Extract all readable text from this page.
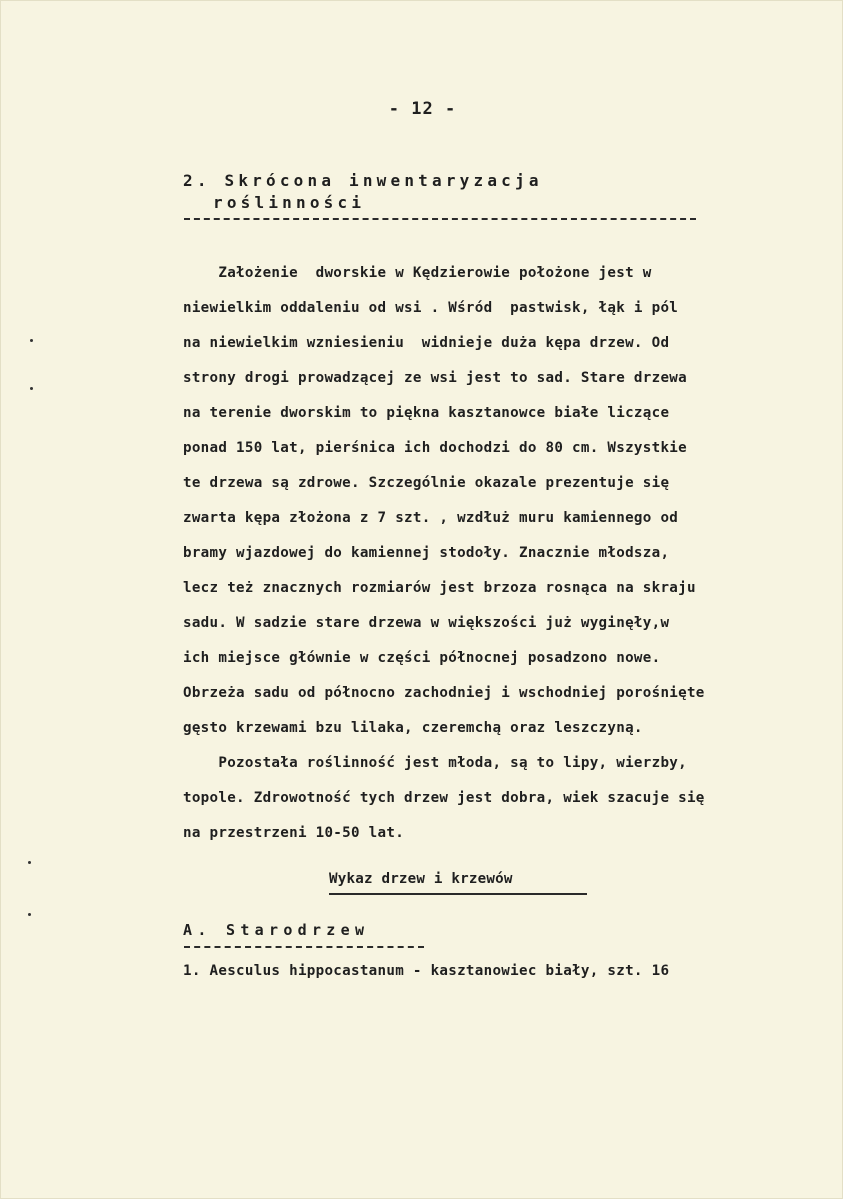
- 12 -
2. Skrócona inwentaryzacja
roślinności
Założenie  dworskie w Kędzierowie położone jest w
niewielkim oddaleniu od wsi . Wśród  pastwisk, łąk i pól
na niewielkim wzniesieniu  widnieje duża kępa drzew. Od
strony drogi prowadzącej ze wsi jest to sad. Stare drzewa
na terenie dworskim to piękna kasztanowce białe liczące
ponad 150 lat, pierśnica ich dochodzi do 80 cm. Wszystkie
te drzewa są zdrowe. Szczególnie okazale prezentuje się
zwarta kępa złożona z 7 szt. , wzdłuż muru kamiennego od
bramy wjazdowej do kamiennej stodoły. Znacznie młodsza,
lecz też znacznych rozmiarów jest brzoza rosnąca na skraju
sadu. W sadzie stare drzewa w większości już wyginęły,w
ich miejsce głównie w części północnej posadzono nowe.
Obrzeża sadu od północno zachodniej i wschodniej porośnięte
gęsto krzewami bzu lilaka, czeremchą oraz leszczyną.
Pozostała roślinność jest młoda, są to lipy, wierzby,
topole. Zdrowotność tych drzew jest dobra, wiek szacuje się
na przestrzeni 10-50 lat.
Wykaz drzew i krzewów
A. Starodrzew
1. Aesculus hippocastanum - kasztanowiec biały, szt. 16
